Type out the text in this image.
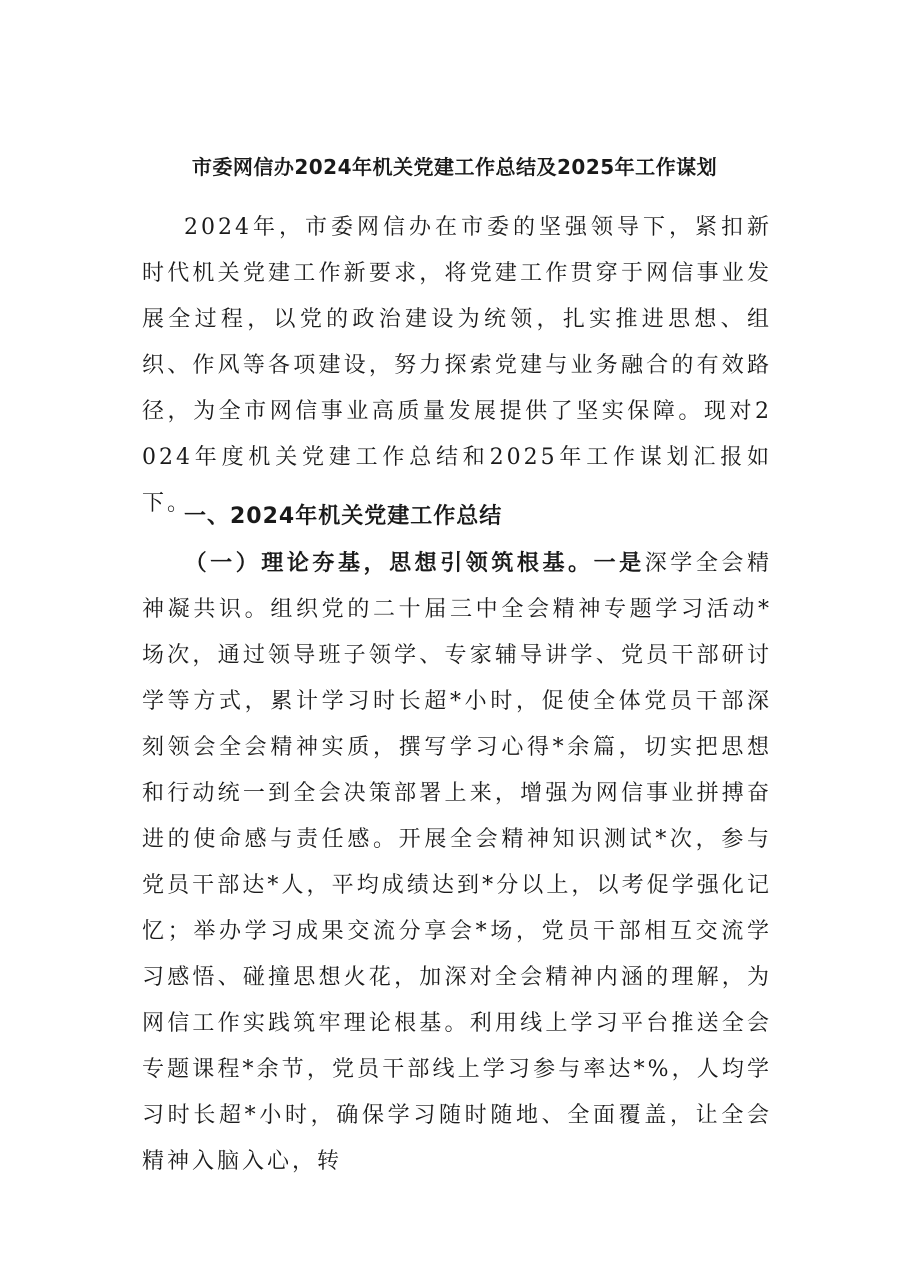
市委网信办2024年机关党建工作总结及2025年工作谋划
2024年，市委网信办在市委的坚强领导下，紧扣新时代机关党建工作新要求，将党建工作贯穿于网信事业发展全过程，以党的政治建设为统领，扎实推进思想、组织、作风等各项建设，努力探索党建与业务融合的有效路径，为全市网信事业高质量发展提供了坚实保障。现对2024年度机关党建工作总结和2025年工作谋划汇报如下。
一、2024年机关党建工作总结
（一）理论夯基，思想引领筑根基。一是深学全会精神凝共识。组织党的二十届三中全会精神专题学习活动*场次，通过领导班子领学、专家辅导讲学、党员干部研讨学等方式，累计学习时长超*小时，促使全体党员干部深刻领会全会精神实质，撰写学习心得*余篇，切实把思想和行动统一到全会决策部署上来，增强为网信事业拼搏奋进的使命感与责任感。开展全会精神知识测试*次，参与党员干部达*人，平均成绩达到*分以上，以考促学强化记忆；举办学习成果交流分享会*场，党员干部相互交流学习感悟、碰撞思想火花，加深对全会精神内涵的理解，为网信工作实践筑牢理论根基。利用线上学习平台推送全会专题课程*余节，党员干部线上学习参与率达*%，人均学习时长超*小时，确保学习随时随地、全面覆盖，让全会精神入脑入心，转
